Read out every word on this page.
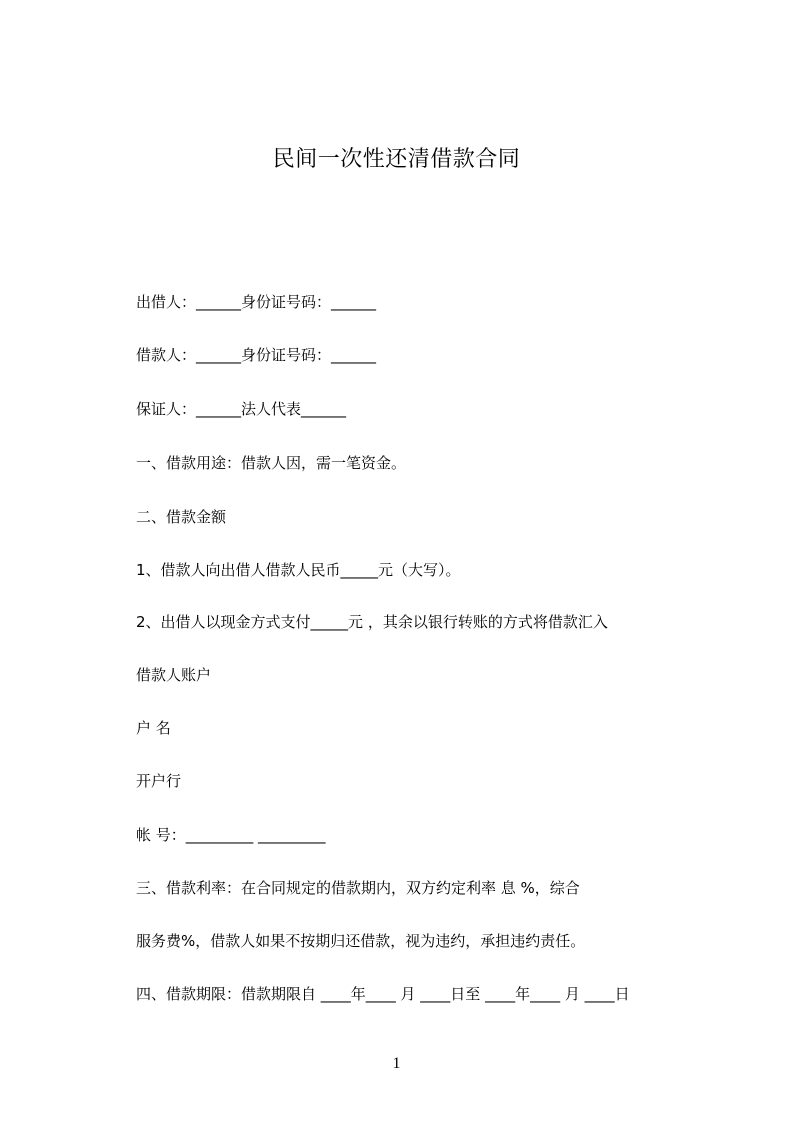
民间一次性还清借款合同
出借人：______身份证号码：______
借款人：______身份证号码：______
保证人：______法人代表______
一、借款用途：借款人因，需一笔资金。
二、借款金额
1、借款人向出借人借款人民币_____元（大写）。
2、出借人以现金方式支付_____元 ，其余以银行转账的方式将借款汇入
借款人账户
户 名
开户行
帐 号：_________ _________
三、借款利率：在合同规定的借款期内，双方约定利率 息 %，综合
服务费%，借款人如果不按期归还借款，视为违约，承担违约责任。
四、借款期限：借款期限自 ____年____ 月 ____日至 ____年____ 月 ____日
1
